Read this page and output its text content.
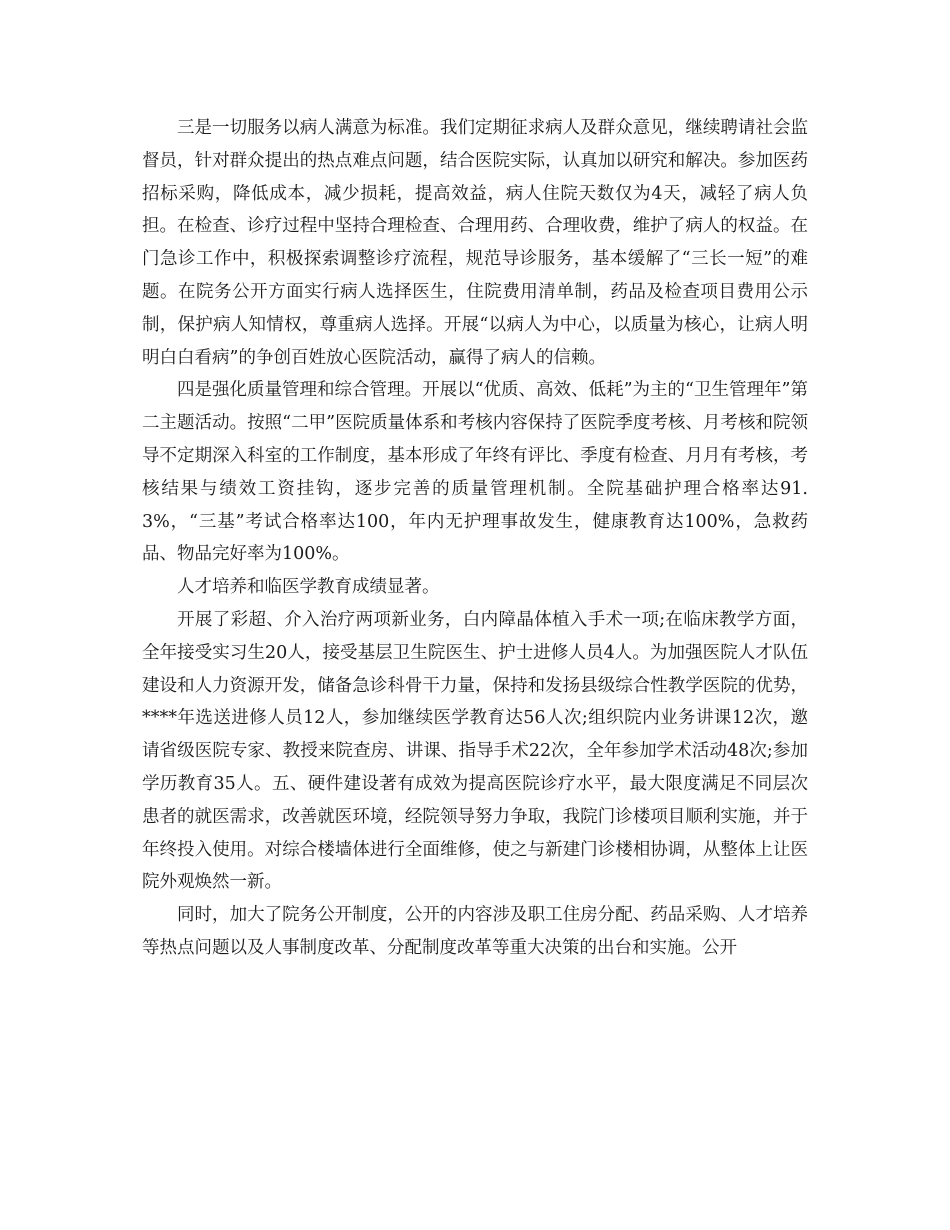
三是一切服务以病人满意为标准。我们定期征求病人及群众意见，继续聘请社会监督员，针对群众提出的热点难点问题，结合医院实际，认真加以研究和解决。参加医药招标采购，降低成本，减少损耗，提高效益，病人住院天数仅为4天，减轻了病人负担。在检查、诊疗过程中坚持合理检查、合理用药、合理收费，维护了病人的权益。在门急诊工作中，积极探索调整诊疗流程，规范导诊服务，基本缓解了“三长一短”的难题。在院务公开方面实行病人选择医生，住院费用清单制，药品及检查项目费用公示制，保护病人知情权，尊重病人选择。开展“以病人为中心，以质量为核心，让病人明明白白看病”的争创百姓放心医院活动，赢得了病人的信赖。

四是强化质量管理和综合管理。开展以“优质、高效、低耗”为主的“卫生管理年”第二主题活动。按照“二甲”医院质量体系和考核内容保持了医院季度考核、月考核和院领导不定期深入科室的工作制度，基本形成了年终有评比、季度有检查、月月有考核，考核结果与绩效工资挂钩，逐步完善的质量管理机制。全院基础护理合格率达91.3%，“三基”考试合格率达100，年内无护理事故发生，健康教育达100%，急救药品、物品完好率为100%。

人才培养和临医学教育成绩显著。

开展了彩超、介入治疗两项新业务，白内障晶体植入手术一项;在临床教学方面，全年接受实习生20人，接受基层卫生院医生、护士进修人员4人。为加强医院人才队伍建设和人力资源开发，储备急诊科骨干力量，保持和发扬县级综合性教学医院的优势，****年选送进修人员12人，参加继续医学教育达56人次;组织院内业务讲课12次，邀请省级医院专家、教授来院查房、讲课、指导手术22次，全年参加学术活动48次;参加学历教育35人。五、硬件建设著有成效为提高医院诊疗水平，最大限度满足不同层次患者的就医需求，改善就医环境，经院领导努力争取，我院门诊楼项目顺利实施，并于年终投入使用。对综合楼墙体进行全面维修，使之与新建门诊楼相协调，从整体上让医院外观焕然一新。

同时，加大了院务公开制度，公开的内容涉及职工住房分配、药品采购、人才培养等热点问题以及人事制度改革、分配制度改革等重大决策的出台和实施。公开
